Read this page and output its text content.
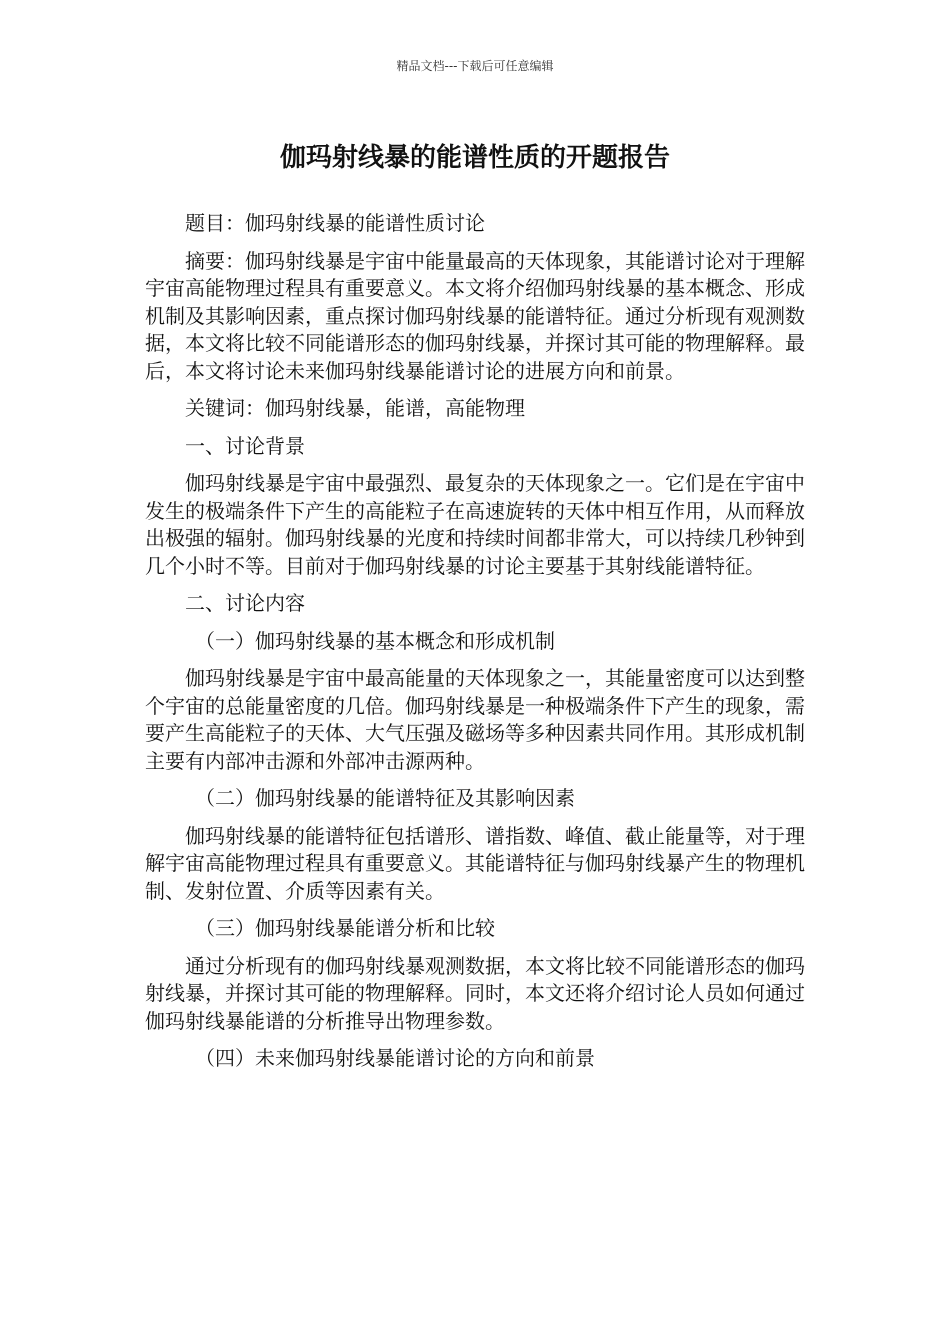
精品文档---下载后可任意编辑
伽玛射线暴的能谱性质的开题报告

题目：伽玛射线暴的能谱性质讨论

摘要：伽玛射线暴是宇宙中能量最高的天体现象，其能谱讨论对于理解宇宙高能物理过程具有重要意义。本文将介绍伽玛射线暴的基本概念、形成机制及其影响因素，重点探讨伽玛射线暴的能谱特征。通过分析现有观测数据，本文将比较不同能谱形态的伽玛射线暴，并探讨其可能的物理解释。最后，本文将讨论未来伽玛射线暴能谱讨论的进展方向和前景。

关键词：伽玛射线暴，能谱，高能物理

一、讨论背景

伽玛射线暴是宇宙中最强烈、最复杂的天体现象之一。它们是在宇宙中发生的极端条件下产生的高能粒子在高速旋转的天体中相互作用，从而释放出极强的辐射。伽玛射线暴的光度和持续时间都非常大，可以持续几秒钟到几个小时不等。目前对于伽玛射线暴的讨论主要基于其射线能谱特征。

二、讨论内容

（一）伽玛射线暴的基本概念和形成机制

伽玛射线暴是宇宙中最高能量的天体现象之一，其能量密度可以达到整个宇宙的总能量密度的几倍。伽玛射线暴是一种极端条件下产生的现象，需要产生高能粒子的天体、大气压强及磁场等多种因素共同作用。其形成机制主要有内部冲击源和外部冲击源两种。

（二）伽玛射线暴的能谱特征及其影响因素

伽玛射线暴的能谱特征包括谱形、谱指数、峰值、截止能量等，对于理解宇宙高能物理过程具有重要意义。其能谱特征与伽玛射线暴产生的物理机制、发射位置、介质等因素有关。

（三）伽玛射线暴能谱分析和比较

通过分析现有的伽玛射线暴观测数据，本文将比较不同能谱形态的伽玛射线暴，并探讨其可能的物理解释。同时，本文还将介绍讨论人员如何通过伽玛射线暴能谱的分析推导出物理参数。

（四）未来伽玛射线暴能谱讨论的方向和前景
